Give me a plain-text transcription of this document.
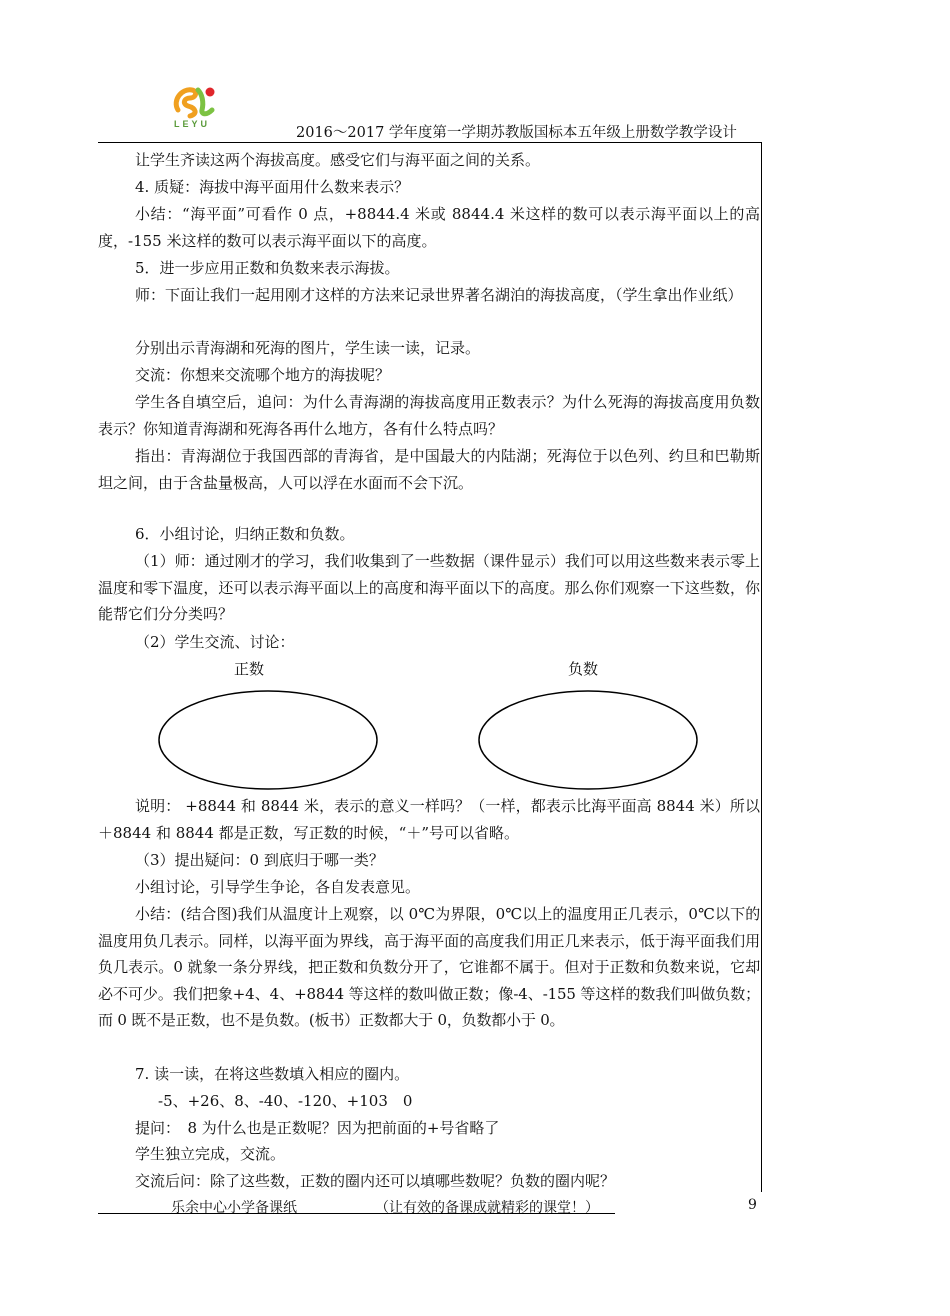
LEYU
2016～2017 学年度第一学期苏教版国标本五年级上册数学教学设计

让学生齐读这两个海拔高度。感受它们与海平面之间的关系。

4. 质疑：海拔中海平面用什么数来表示？

小结：“海平面”可看作 0 点，+8844.4 米或 8844.4 米这样的数可以表示海平面以上的高度，-155 米这样的数可以表示海平面以下的高度。

5．进一步应用正数和负数来表示海拔。

师：下面让我们一起用刚才这样的方法来记录世界著名湖泊的海拔高度，（学生拿出作业纸）

分别出示青海湖和死海的图片，学生读一读，记录。

交流：你想来交流哪个地方的海拔呢？

学生各自填空后，追问：为什么青海湖的海拔高度用正数表示？为什么死海的海拔高度用负数表示？你知道青海湖和死海各再什么地方，各有什么特点吗？

指出：青海湖位于我国西部的青海省，是中国最大的内陆湖；死海位于以色列、约旦和巴勒斯坦之间，由于含盐量极高，人可以浮在水面而不会下沉。

6．小组讨论，归纳正数和负数。

（1）师：通过刚才的学习，我们收集到了一些数据（课件显示）我们可以用这些数来表示零上温度和零下温度，还可以表示海平面以上的高度和海平面以下的高度。那么你们观察一下这些数，你能帮它们分分类吗？

（2）学生交流、讨论：

正数	负数

说明： +8844 和 8844 米，表示的意义一样吗？（一样，都表示比海平面高 8844 米）所以＋8844 和 8844 都是正数，写正数的时候，“＋”号可以省略。

（3）提出疑问：0 到底归于哪一类？

小组讨论，引导学生争论，各自发表意见。

小结：(结合图)我们从温度计上观察，以 0℃为界限，0℃以上的温度用正几表示，0℃以下的温度用负几表示。同样，以海平面为界线，高于海平面的高度我们用正几来表示，低于海平面我们用负几表示。0 就象一条分界线，把正数和负数分开了，它谁都不属于。但对于正数和负数来说，它却必不可少。我们把象+4、4、+8844 等这样的数叫做正数；像-4、-155 等这样的数我们叫做负数；而 0 既不是正数，也不是负数。(板书）正数都大于 0，负数都小于 0。

7. 读一读，在将这些数填入相应的圈内。

-5、+26、8、-40、-120、+103　0

提问：　8 为什么也是正数呢？因为把前面的+号省略了

学生独立完成，交流。

交流后问：除了这些数，正数的圈内还可以填哪些数呢？负数的圈内呢？

乐余中心小学备课纸	（让有效的备课成就精彩的课堂！）	9
